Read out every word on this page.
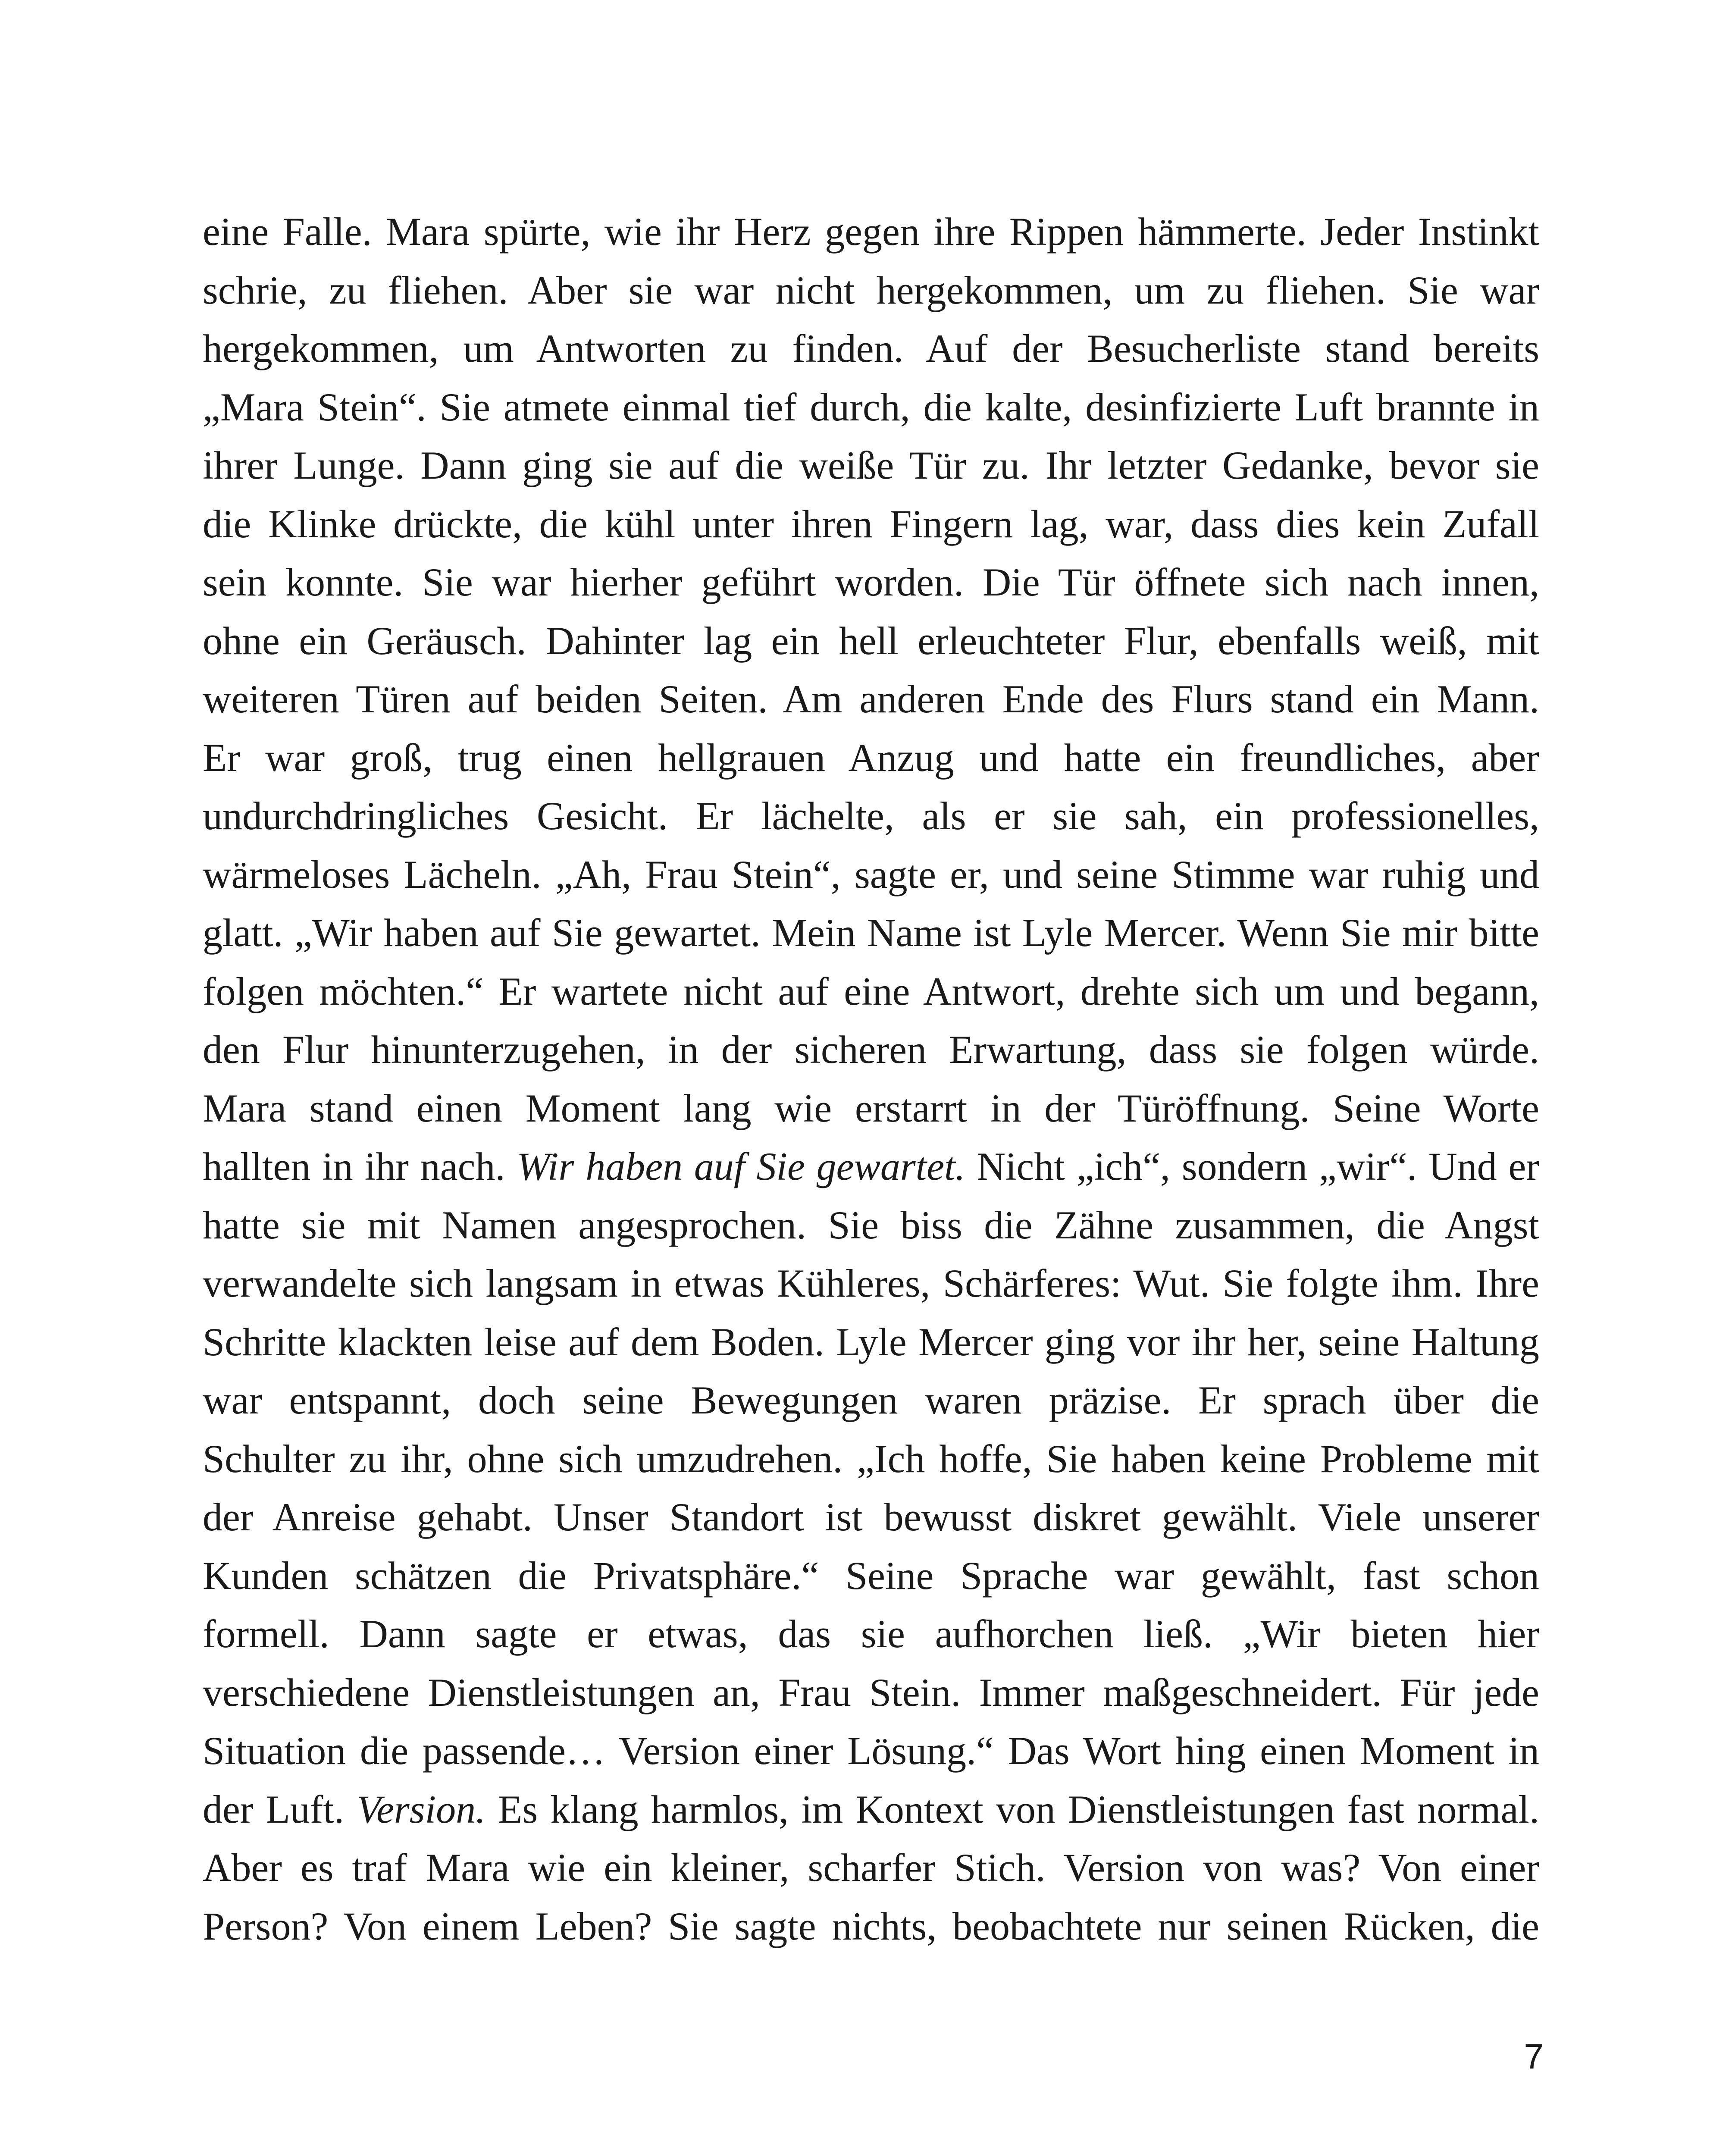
eine Falle. Mara spürte, wie ihr Herz gegen ihre Rippen hämmerte. Jeder Instinkt
schrie, zu fliehen. Aber sie war nicht hergekommen, um zu fliehen. Sie war
hergekommen, um Antworten zu finden. Auf der Besucherliste stand bereits
„Mara Stein“. Sie atmete einmal tief durch, die kalte, desinfizierte Luft brannte in
ihrer Lunge. Dann ging sie auf die weiße Tür zu. Ihr letzter Gedanke, bevor sie
die Klinke drückte, die kühl unter ihren Fingern lag, war, dass dies kein Zufall
sein konnte. Sie war hierher geführt worden. Die Tür öffnete sich nach innen,
ohne ein Geräusch. Dahinter lag ein hell erleuchteter Flur, ebenfalls weiß, mit
weiteren Türen auf beiden Seiten. Am anderen Ende des Flurs stand ein Mann.
Er war groß, trug einen hellgrauen Anzug und hatte ein freundliches, aber
undurchdringliches Gesicht. Er lächelte, als er sie sah, ein professionelles,
wärmeloses Lächeln. „Ah, Frau Stein“, sagte er, und seine Stimme war ruhig und
glatt. „Wir haben auf Sie gewartet. Mein Name ist Lyle Mercer. Wenn Sie mir bitte
folgen möchten.“ Er wartete nicht auf eine Antwort, drehte sich um und begann,
den Flur hinunterzugehen, in der sicheren Erwartung, dass sie folgen würde.
Mara stand einen Moment lang wie erstarrt in der Türöffnung. Seine Worte
hallten in ihr nach. Wir haben auf Sie gewartet. Nicht „ich“, sondern „wir“. Und er
hatte sie mit Namen angesprochen. Sie biss die Zähne zusammen, die Angst
verwandelte sich langsam in etwas Kühleres, Schärferes: Wut. Sie folgte ihm. Ihre
Schritte klackten leise auf dem Boden. Lyle Mercer ging vor ihr her, seine Haltung
war entspannt, doch seine Bewegungen waren präzise. Er sprach über die
Schulter zu ihr, ohne sich umzudrehen. „Ich hoffe, Sie haben keine Probleme mit
der Anreise gehabt. Unser Standort ist bewusst diskret gewählt. Viele unserer
Kunden schätzen die Privatsphäre.“ Seine Sprache war gewählt, fast schon
formell. Dann sagte er etwas, das sie aufhorchen ließ. „Wir bieten hier
verschiedene Dienstleistungen an, Frau Stein. Immer maßgeschneidert. Für jede
Situation die passende… Version einer Lösung.“ Das Wort hing einen Moment in
der Luft. Version. Es klang harmlos, im Kontext von Dienstleistungen fast normal.
Aber es traf Mara wie ein kleiner, scharfer Stich. Version von was? Von einer
Person? Von einem Leben? Sie sagte nichts, beobachtete nur seinen Rücken, die
7
